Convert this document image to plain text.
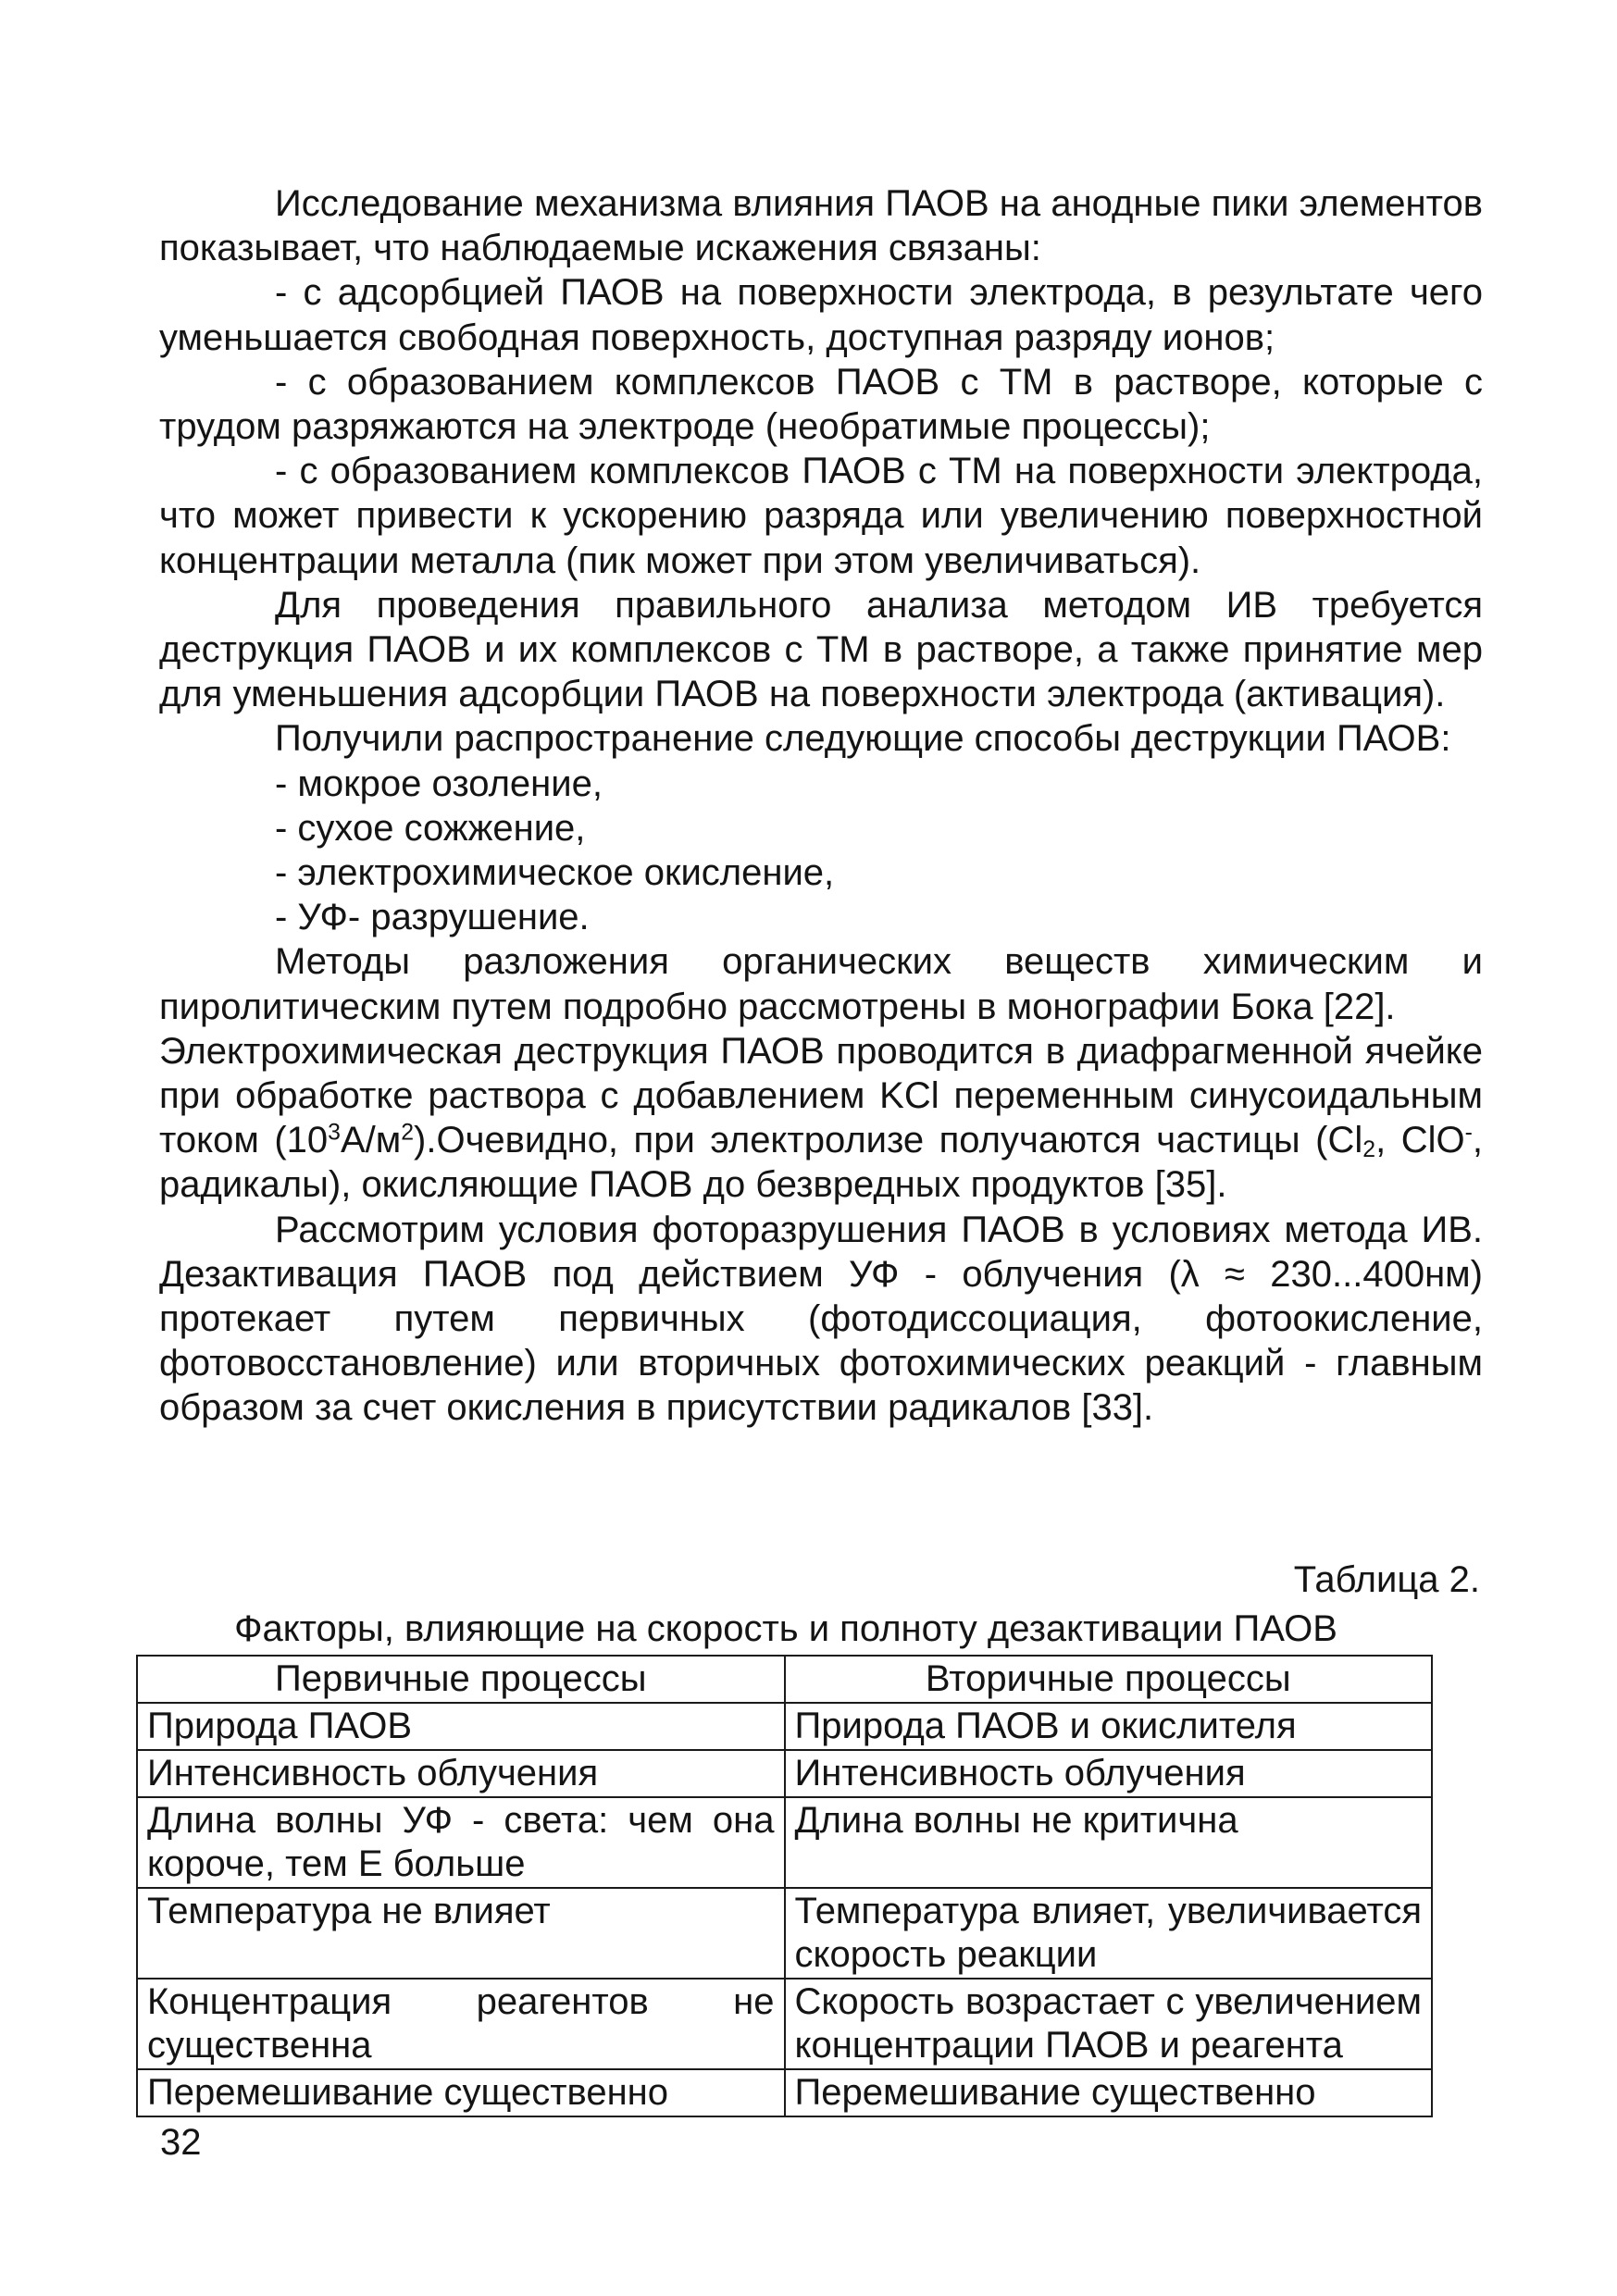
Исследование механизма влияния ПАОВ на анодные пики элементов показывает, что наблюдаемые искажения связаны:

- с адсорбцией ПАОВ на поверхности электрода, в результате чего уменьшается свободная поверхность, доступная разряду ионов;

- с образованием комплексов ПАОВ с ТМ в растворе, которые с трудом разряжаются на электроде (необратимые процессы);

- с образованием комплексов ПАОВ с ТМ на поверхности электрода, что может привести к ускорению разряда или увеличению поверхностной концентрации металла (пик может при этом увеличиваться).

Для проведения правильного анализа методом ИВ требуется деструкция ПАОВ и их комплексов с ТМ в растворе, а также принятие мер для уменьшения адсорбции ПАОВ на поверхности электрода (активация).

Получили распространение следующие способы деструкции ПАОВ:

- мокрое озоление,

- сухое сожжение,

- электрохимическое окисление,

- УФ- разрушение.

Методы разложения органических веществ химическим и пиролитическим путем подробно рассмотрены в монографии Бока [22].

Электрохимическая деструкция ПАОВ проводится в диафрагменной ячейке при обработке раствора с добавлением KCl переменным синусоидальным током $(10^3А/м^2).Очевидно$, при электролизе получаются частицы ($Cl_2$, ClO-, радикалы), окисляющие ПАОВ до безвредных продуктов [35].

Рассмотрим условия фоторазрушения ПАОВ в условиях метода ИВ. Дезактивация ПАОВ под действием УФ - облучения (λ ≈ 230...400нм) протекает путем первичных (фотодиссоциация, фотоокисление, фотовосстановление) или вторичных фотохимических реакций - главным образом за счет окисления в присутствии радикалов [33].

Таблица 2.
Факторы, влияющие на скорость и полноту дезактивации ПАОВ
Первичные процессы	Вторичные процессы
Природа ПАОВ	Природа ПАОВ и окислителя
Интенсивность облучения	Интенсивность облучения
Длина волны УФ - света: чем она короче, тем Е больше	Длина волны не критична
Температура не влияет	Температура влияет, увеличивается скорость реакции
Концентрация реагентов не существенна	Скорость возрастает с увеличением концентрации ПАОВ и реагента
Перемешивание существенно	Перемешивание существенно
32
